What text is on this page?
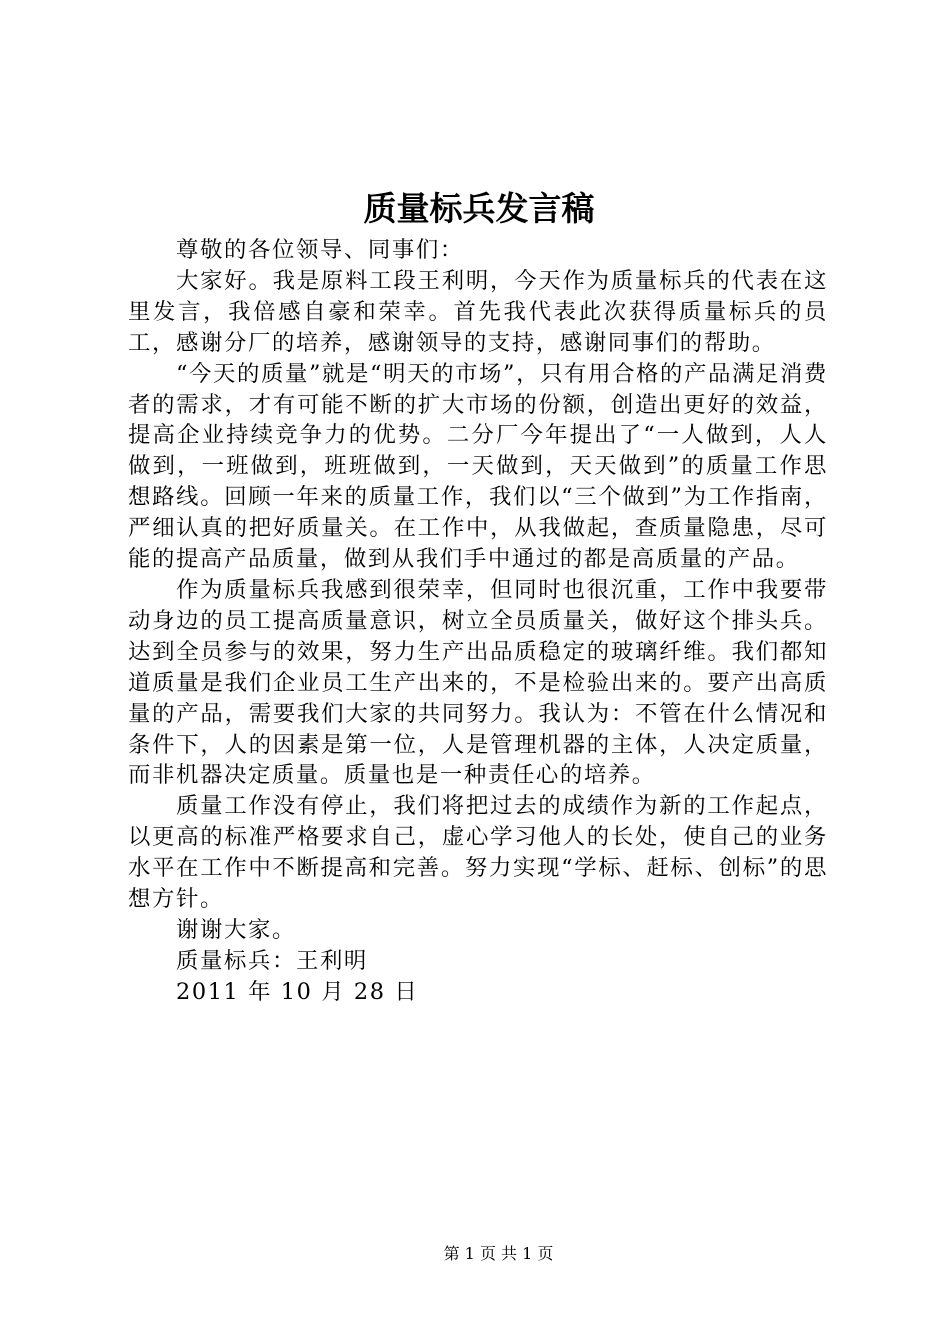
质量标兵发言稿

尊敬的各位领导、同事们：

大家好。我是原料工段王利明，今天作为质量标兵的代表在这里发言，我倍感自豪和荣幸。首先我代表此次获得质量标兵的员工，感谢分厂的培养，感谢领导的支持，感谢同事们的帮助。

“今天的质量”就是“明天的市场”，只有用合格的产品满足消费者的需求，才有可能不断的扩大市场的份额，创造出更好的效益，提高企业持续竞争力的优势。二分厂今年提出了“一人做到，人人做到，一班做到，班班做到，一天做到，天天做到”的质量工作思想路线。回顾一年来的质量工作，我们以“三个做到”为工作指南，严细认真的把好质量关。在工作中，从我做起，查质量隐患，尽可能的提高产品质量，做到从我们手中通过的都是高质量的产品。

作为质量标兵我感到很荣幸，但同时也很沉重，工作中我要带动身边的员工提高质量意识，树立全员质量关，做好这个排头兵。达到全员参与的效果，努力生产出品质稳定的玻璃纤维。我们都知道质量是我们企业员工生产出来的，不是检验出来的。要产出高质量的产品，需要我们大家的共同努力。我认为：不管在什么情况和条件下，人的因素是第一位，人是管理机器的主体，人决定质量，而非机器决定质量。质量也是一种责任心的培养。

质量工作没有停止，我们将把过去的成绩作为新的工作起点，以更高的标准严格要求自己，虚心学习他人的长处，使自己的业务水平在工作中不断提高和完善。努力实现“学标、赶标、创标”的思想方针。

谢谢大家。

质量标兵：王利明

2011 年 10 月 28 日

第 1 页 共 1 页
